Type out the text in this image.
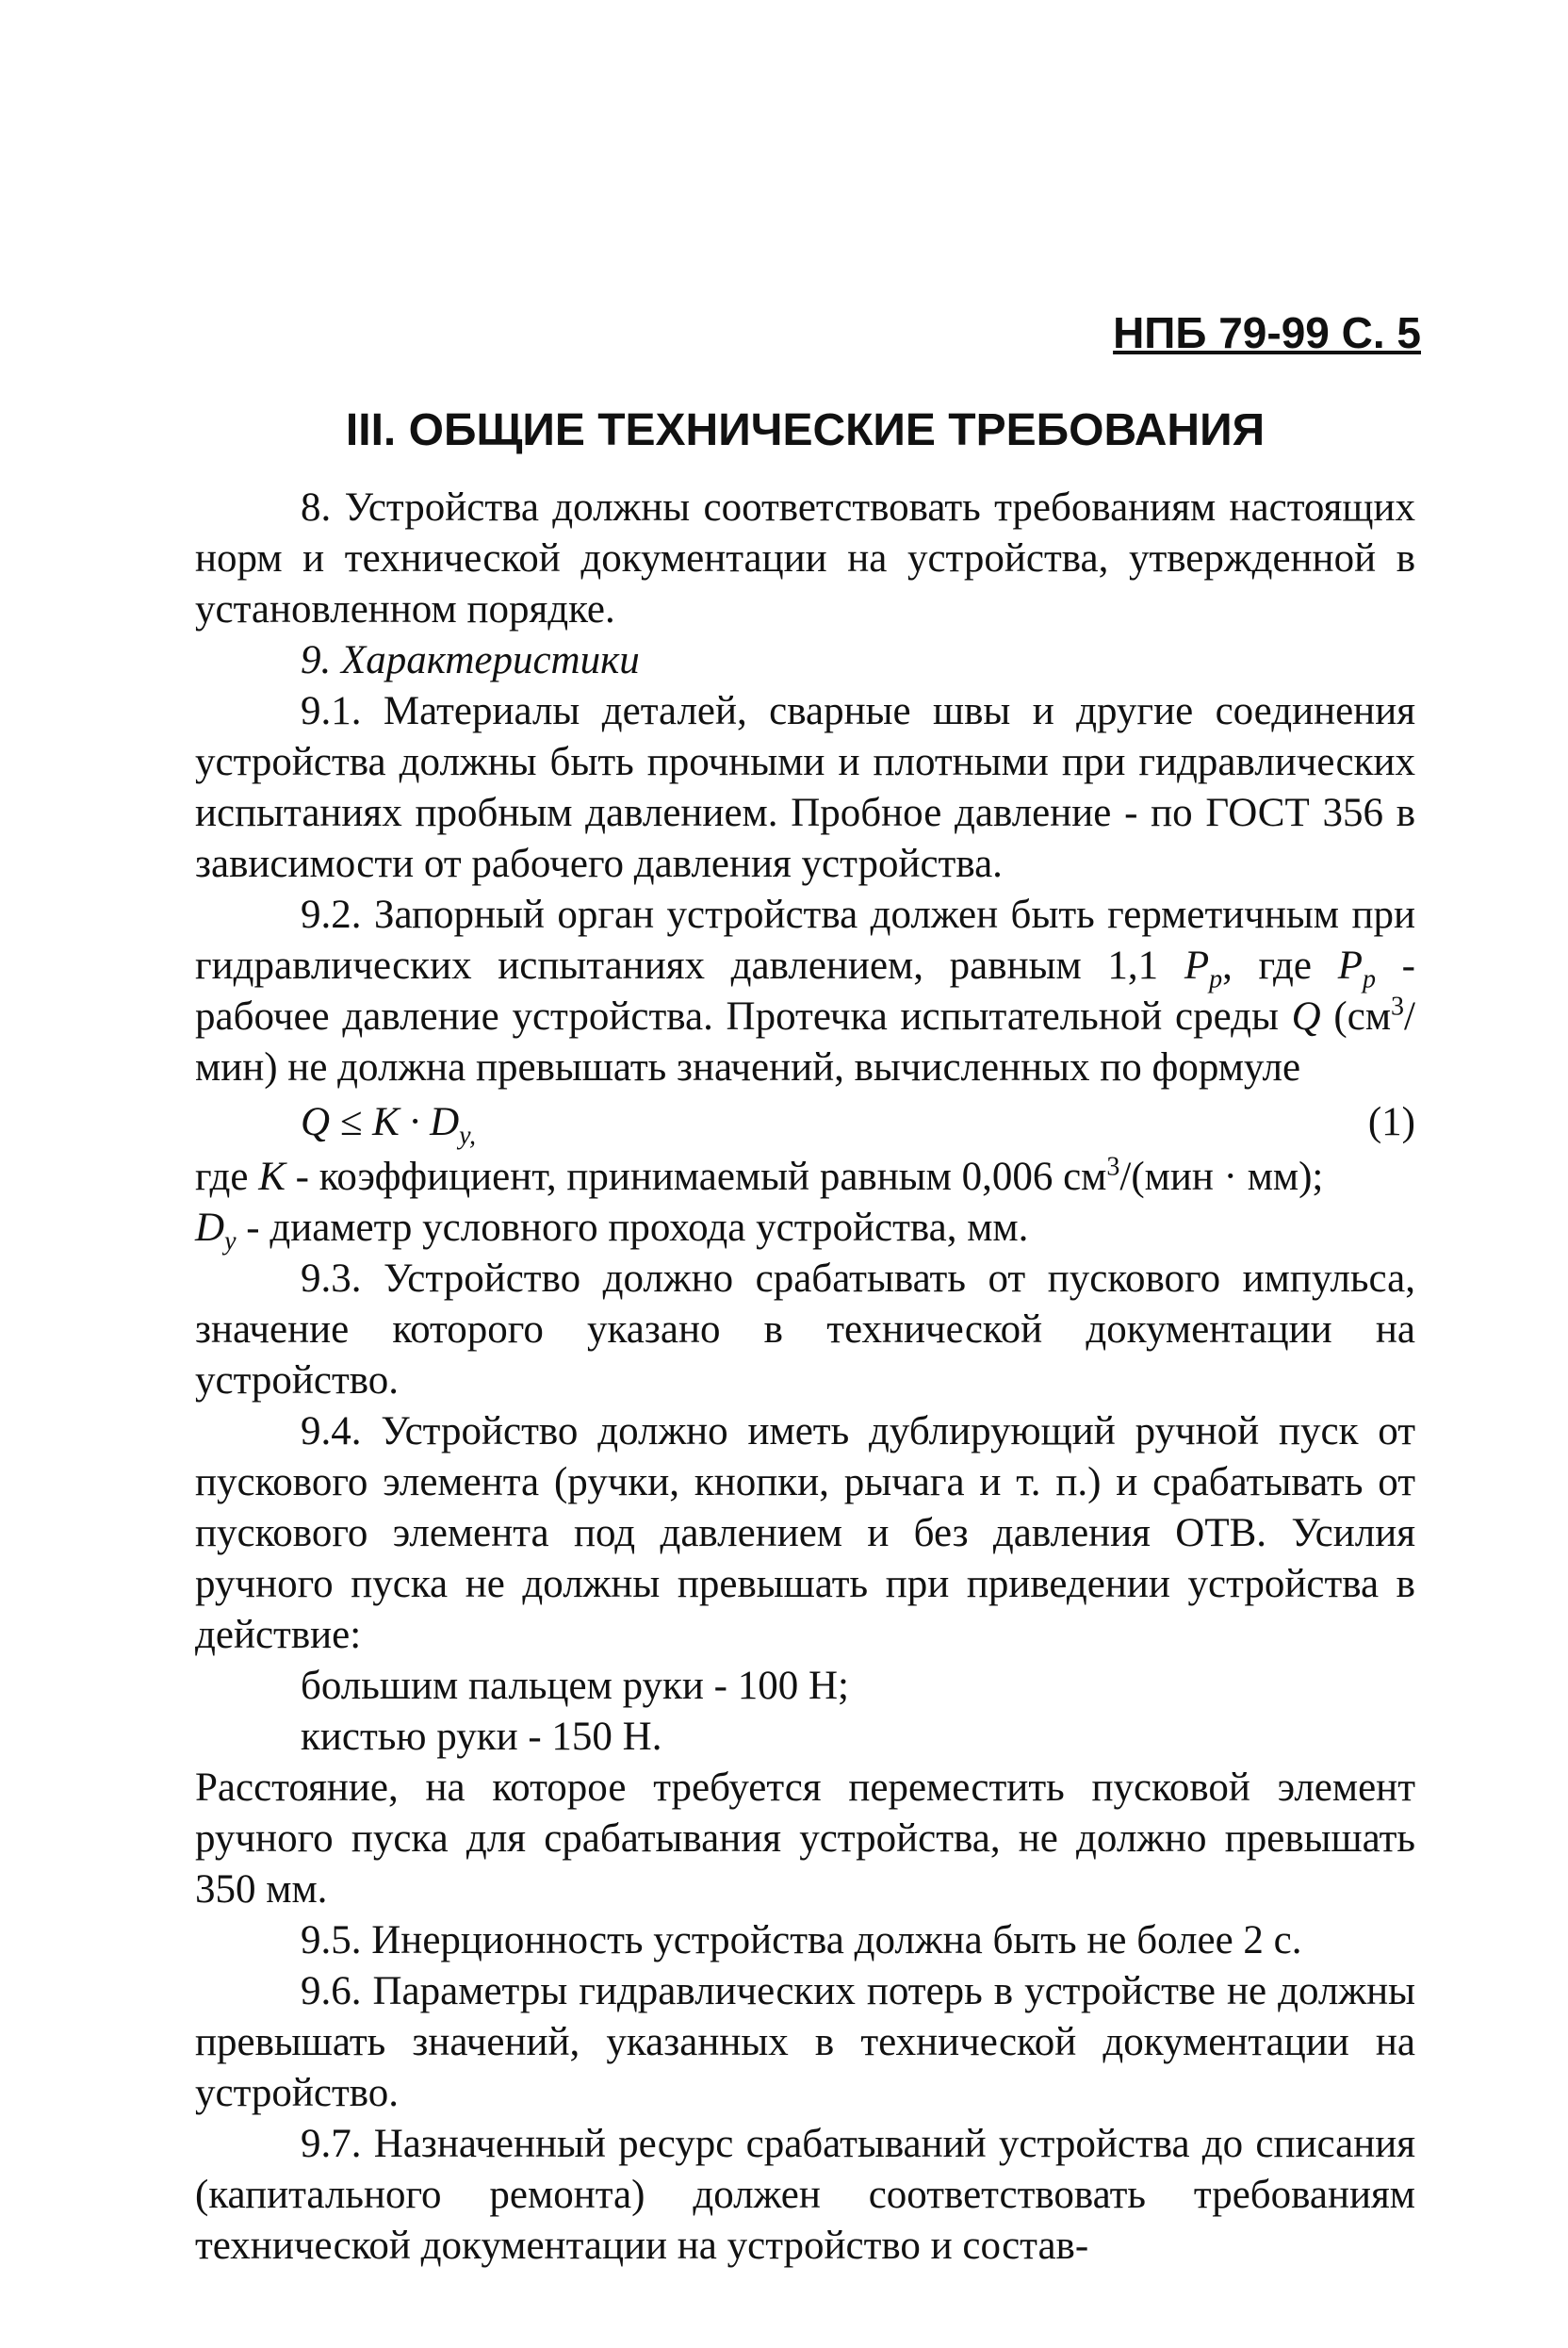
НПБ 79-99 С. 5
III. ОБЩИЕ ТЕХНИЧЕСКИЕ ТРЕБОВАНИЯ

8. Устройства должны соответствовать требованиям настоящих норм и технической документации на устройства, утвержденной в установленном порядке.

9. Характеристики

9.1. Материалы деталей, сварные швы и другие соединения устройства должны быть прочными и плотными при гидравлических испытаниях пробным давлением. Пробное давление - по ГОСТ 356 в зависимости от рабочего давления устройства.

9.2. Запорный орган устройства должен быть герметичным при гидравлических испытаниях давлением, равным 1,1 $P_p$, где $P_p$ - рабочее давление устройства. Протечка испытательной среды Q $(см^3/мин)$ не должна превышать значений, вычисленных по формуле

$Q \le K \cdot D_{y,}$	(1)

где K - коэффициент, принимаемый равным 0,006 $см^3/(мин \cdot мм)$;

$D_y$ - диаметр условного прохода устройства, мм.

9.3. Устройство должно срабатывать от пускового импульса, значение которого указано в технической документации на устройство.

9.4. Устройство должно иметь дублирующий ручной пуск от пускового элемента (ручки, кнопки, рычага и т. п.) и срабатывать от пускового элемента под давлением и без давления ОТВ. Усилия ручного пуска не должны превышать при приведении устройства в действие:

большим пальцем руки - 100 Н;

кистью руки - 150 Н.

Расстояние, на которое требуется переместить пусковой элемент ручного пуска для срабатывания устройства, не должно превышать 350 мм.

9.5. Инерционность устройства должна быть не более 2 с.

9.6. Параметры гидравлических потерь в устройстве не должны превышать значений, указанных в технической документации на устройство.

9.7. Назначенный ресурс срабатываний устройства до списания (капитального ремонта) должен соответствовать требованиям технической документации на устройство и состав-
